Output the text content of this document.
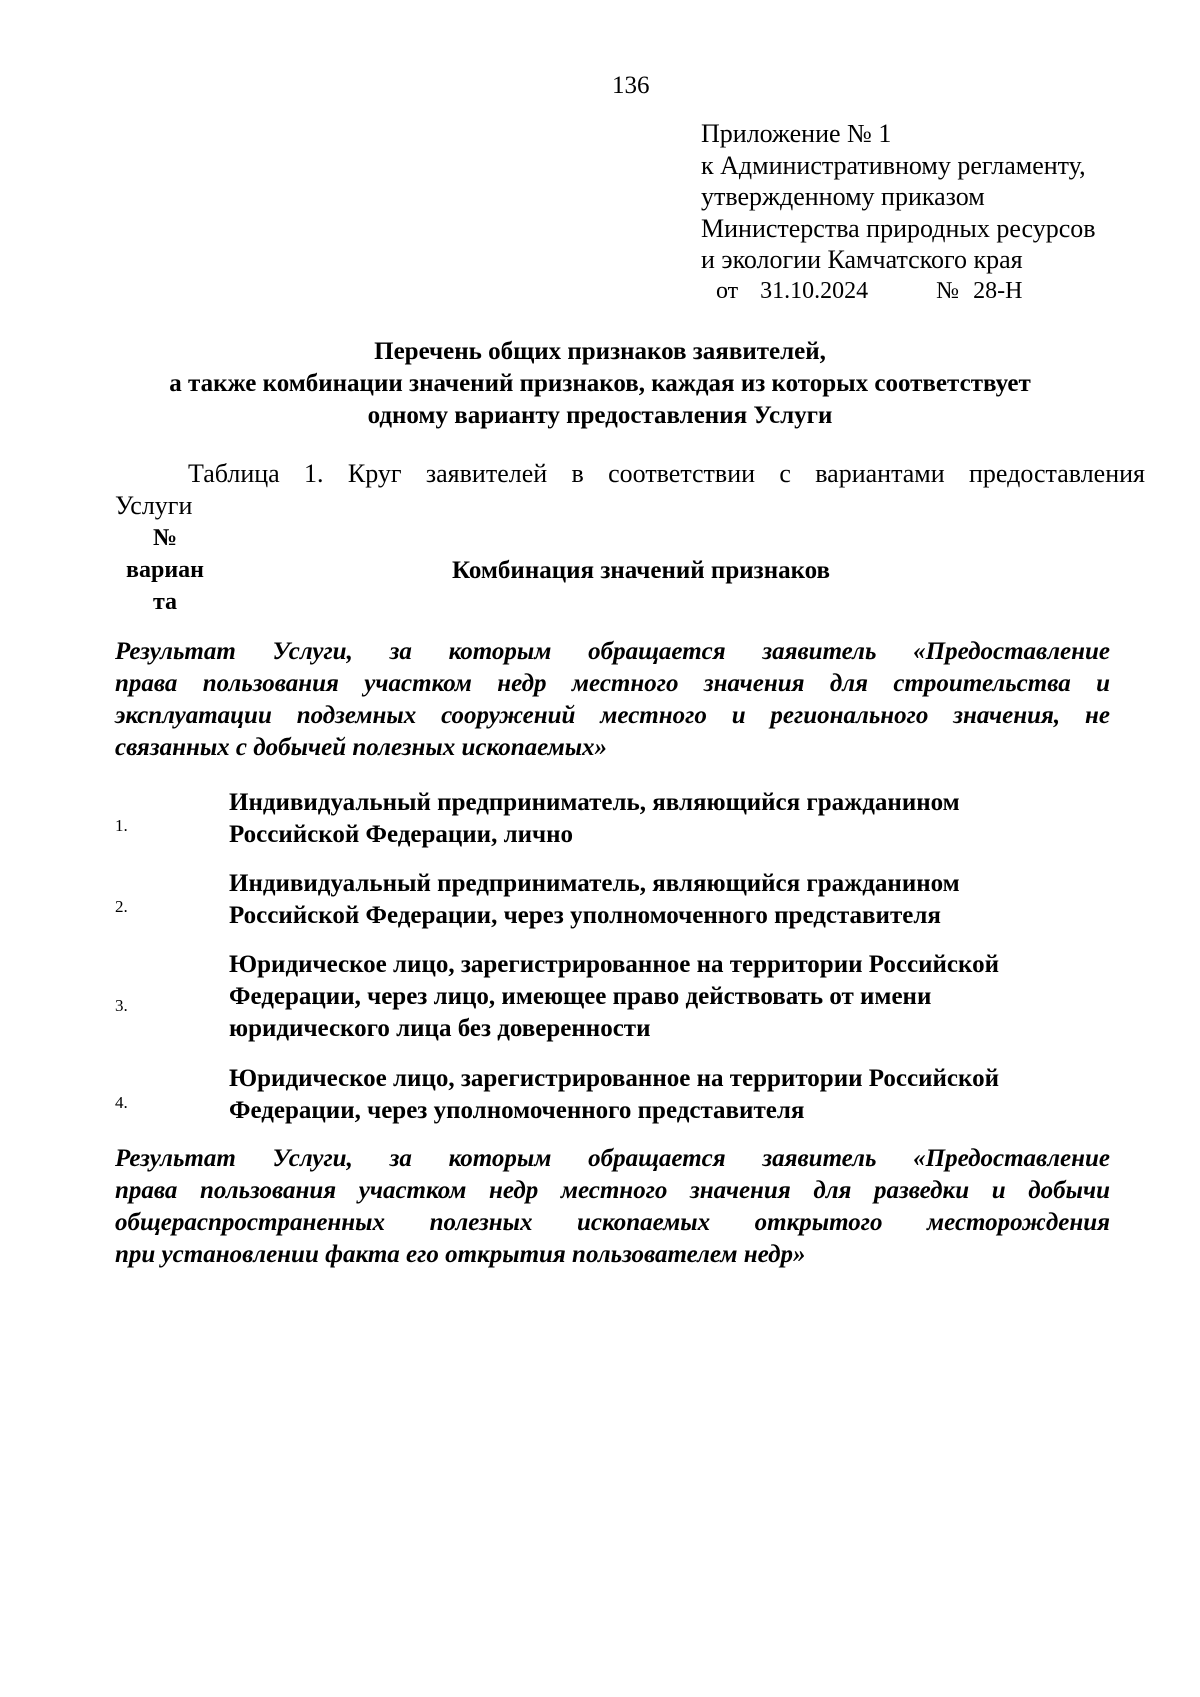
136
Приложение № 1
к Административному регламенту,
утвержденному приказом
Министерства природных ресурсов
и экологии Камчатского края
от 31.10.2024	№ 28-Н
Перечень общих признаков заявителей,
а также комбинации значений признаков, каждая из которых соответствует
одному варианту предоставления Услуги
Таблица 1. Круг заявителей в соответствии с вариантами предоставления
Услуги
№
вариан
та
Комбинация значений признаков
Результат Услуги, за которым обращается заявитель «Предоставление
права пользования участком недр местного значения для строительства и
эксплуатации подземных сооружений местного и регионального значения, не
связанных с добычей полезных ископаемых»
1.
Индивидуальный предприниматель, являющийся гражданином
Российской Федерации, лично
2.
Индивидуальный предприниматель, являющийся гражданином
Российской Федерации, через уполномоченного представителя
3.
Юридическое лицо, зарегистрированное на территории Российской
Федерации, через лицо, имеющее право действовать от имени
юридического лица без доверенности
4.
Юридическое лицо, зарегистрированное на территории Российской
Федерации, через уполномоченного представителя
Результат Услуги, за которым обращается заявитель «Предоставление
права пользования участком недр местного значения для разведки и добычи
общераспространенных полезных ископаемых открытого месторождения
при установлении факта его открытия пользователем недр»
